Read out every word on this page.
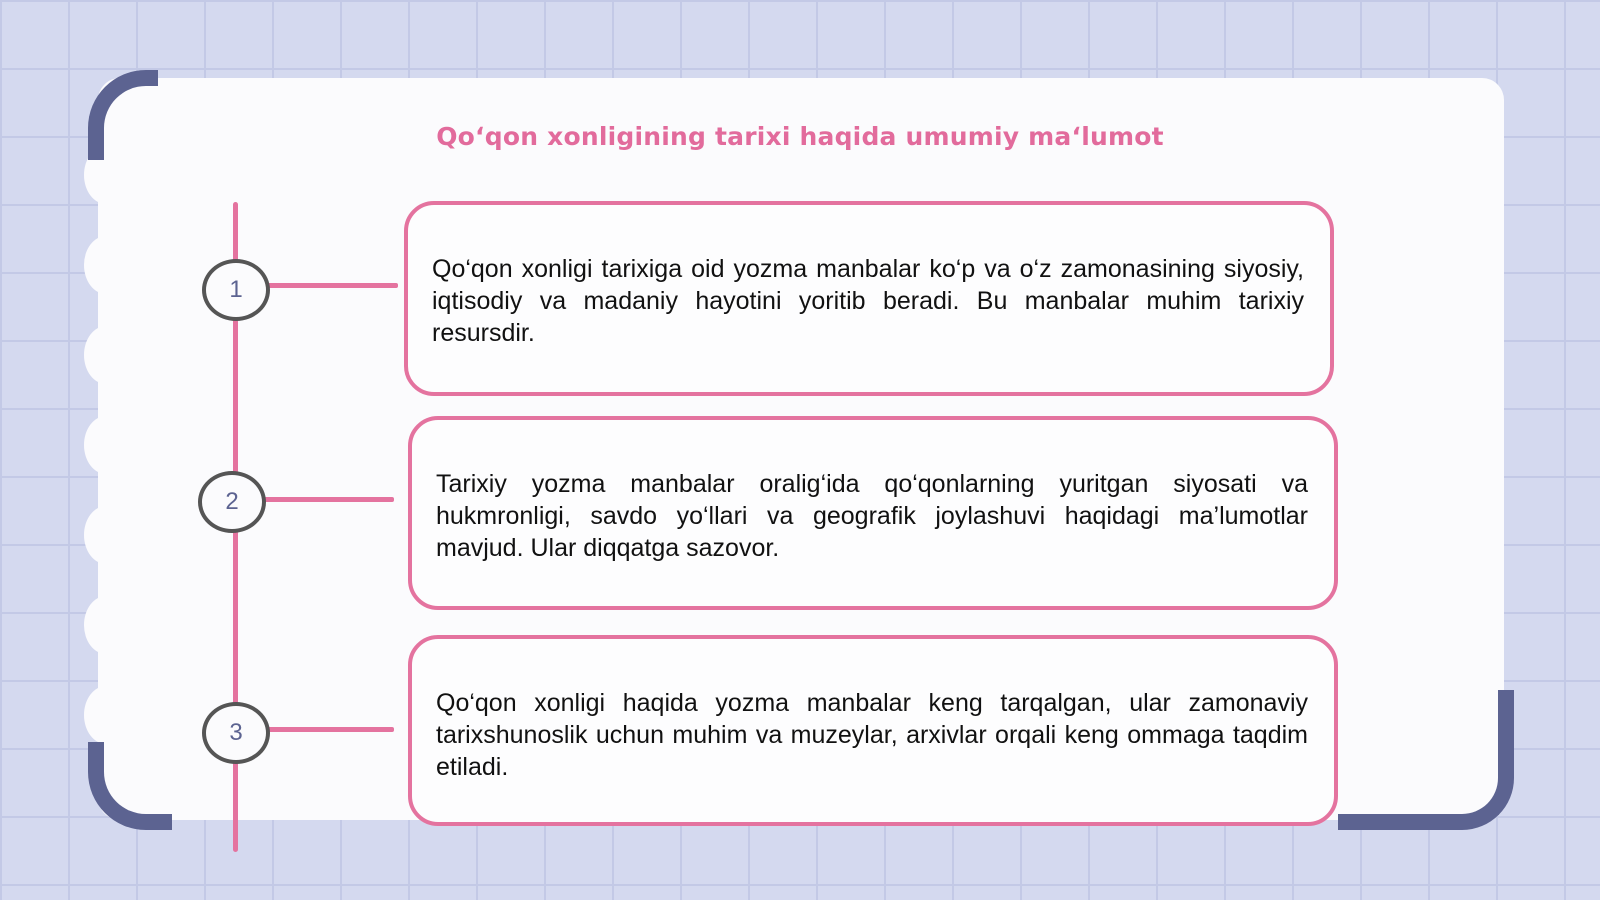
Qoʻqon xonligining tarixi haqida umumiy maʻlumot
1
2
3

Qo‘qon xonligi tarixiga oid yozma manbalar ko‘p va o‘z zamonasining siyosiy, iqtisodiy va madaniy hayotini yoritib beradi. Bu manbalar muhim tarixiy resursdir.

Tarixiy yozma manbalar oralig‘ida qo‘qonlarning yuritgan siyosati va hukmronligi, savdo yo‘llari va geografik joylashuvi haqidagi ma’lumotlar mavjud. Ular diqqatga sazovor.

Qo‘qon xonligi haqida yozma manbalar keng tarqalgan, ular zamonaviy tarixshunoslik uchun muhim va muzeylar, arxivlar orqali keng ommaga taqdim etiladi.
